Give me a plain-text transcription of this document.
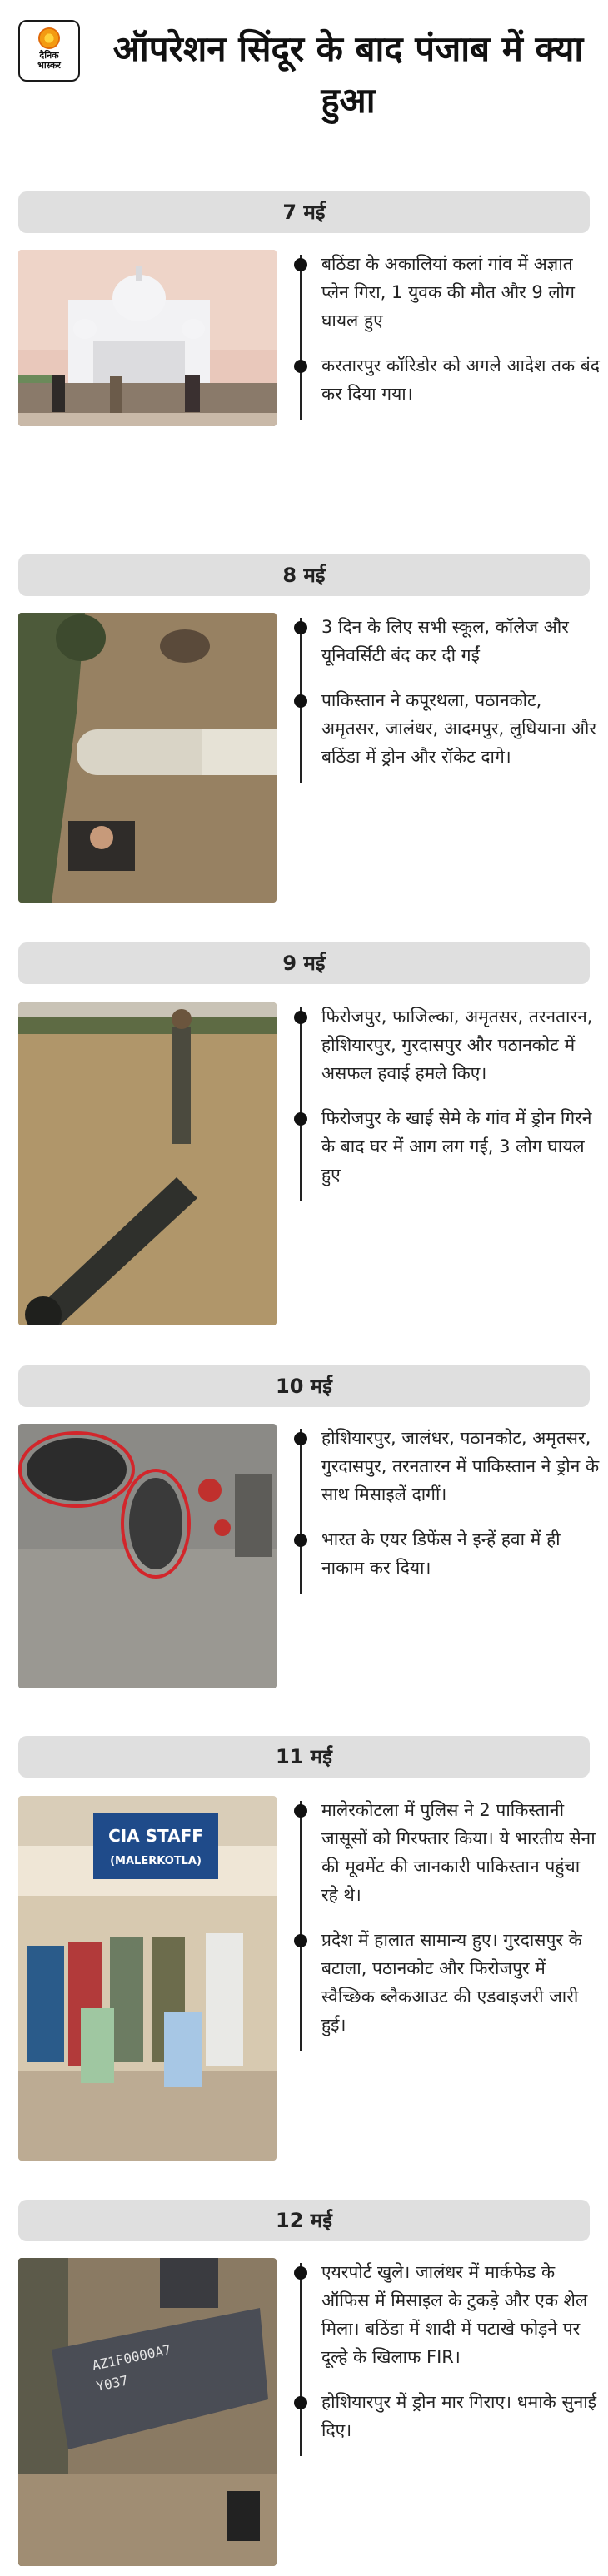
दैनिक
भास्कर	ऑपरेशन सिंदूर के बाद पंजाब में क्या हुआ
7 मई
बठिंडा के अकालियां कलां गांव में अज्ञात प्लेन गिरा, 1 युवक की मौत और 9 लोग घायल हुए
करतारपुर कॉरिडोर को अगले आदेश तक बंद कर दिया गया।
8 मई
3 दिन के लिए सभी स्कूल, कॉलेज और यूनिवर्सिटी बंद कर दी गईं
पाकिस्तान ने कपूरथला, पठानकोट, अमृतसर, जालंधर, आदमपुर, लुधियाना और बठिंडा में ड्रोन और रॉकेट दागे।
9 मई
फिरोजपुर, फाजिल्का, अमृतसर, तरनतारन, होशियारपुर, गुरदासपुर और पठानकोट में असफल हवाई हमले किए।
फिरोजपुर के खाई सेमे के गांव में ड्रोन गिरने के बाद घर में आग लग गई, 3 लोग घायल हुए
10 मई
होशियारपुर, जालंधर, पठानकोट, अमृतसर, गुरदासपुर, तरनतारन में पाकिस्तान ने ड्रोन के साथ मिसाइलें दागीं।
भारत के एयर डिफेंस ने इन्हें हवा में ही नाकाम कर दिया।
11 मई
CIA STAFF
(MALERKOTLA)
मालेरकोटला में पुलिस ने 2 पाकिस्तानी जासूसों को गिरफ्तार किया। ये भारतीय सेना की मूवमेंट की जानकारी पाकिस्तान पहुंचा रहे थे।
प्रदेश में हालात सामान्य हुए। गुरदासपुर के बटाला, पठानकोट और फिरोजपुर में स्वैच्छिक ब्लैकआउट की एडवाइजरी जारी हुई।
12 मई
AZ1F0000A7
Y037
एयरपोर्ट खुले। जालंधर में मार्कफेड के ऑफिस में मिसाइल के टुकड़े और एक शेल मिला। बठिंडा में शादी में पटाखे फोड़ने पर दूल्हे के खिलाफ FIR।
होशियारपुर में ड्रोन मार गिराए। धमाके सुनाई दिए।
